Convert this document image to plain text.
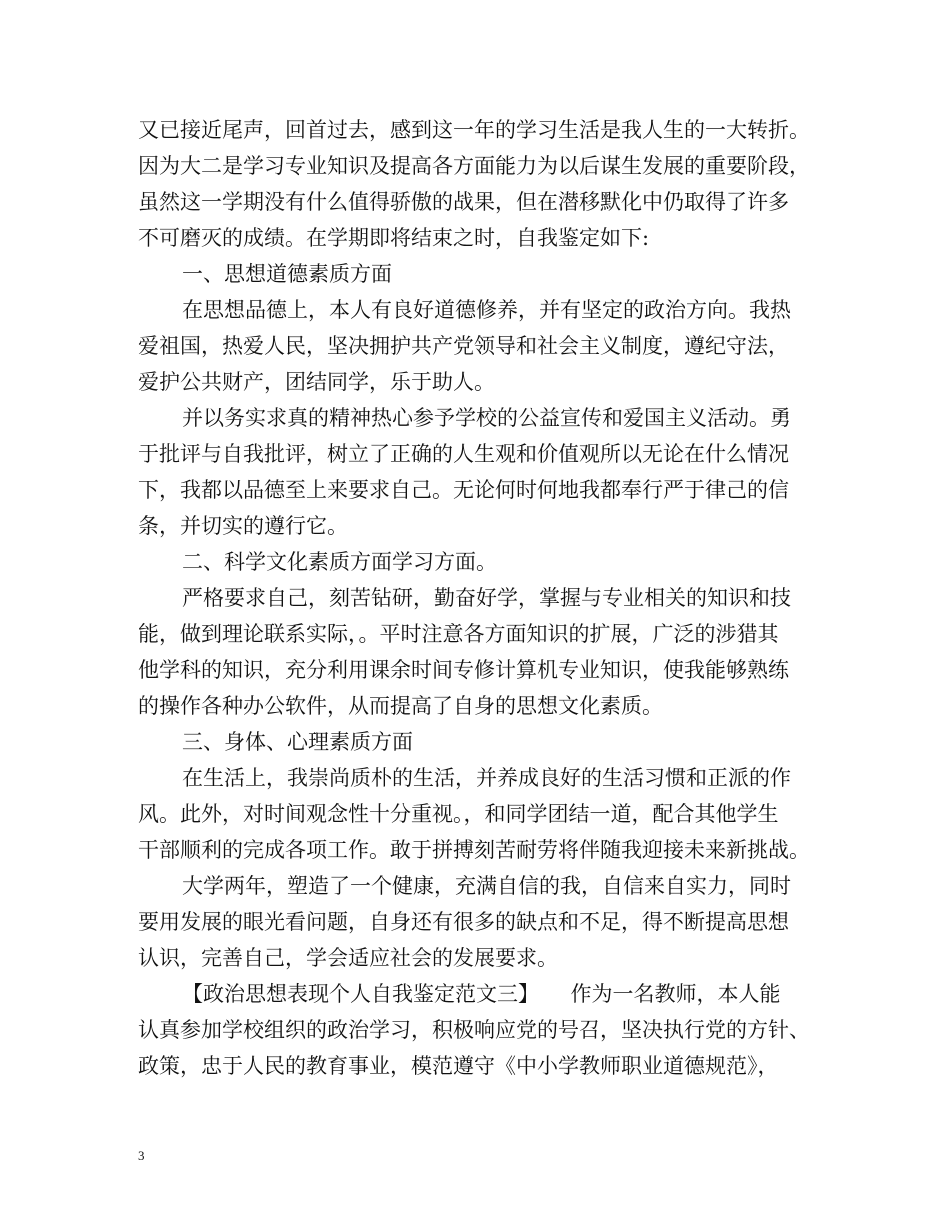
又已接近尾声，回首过去，感到这一年的学习生活是我人生的一大转折。
因为大二是学习专业知识及提高各方面能力为以后谋生发展的重要阶段，
虽然这一学期没有什么值得骄傲的战果，但在潜移默化中仍取得了许多
不可磨灭的成绩。在学期即将结束之时，自我鉴定如下:
一、思想道德素质方面
在思想品德上，本人有良好道德修养，并有坚定的政治方向。我热
爱祖国，热爱人民，坚决拥护共产党领导和社会主义制度，遵纪守法，
爱护公共财产，团结同学，乐于助人。
并以务实求真的精神热心参予学校的公益宣传和爱国主义活动。勇
于批评与自我批评，树立了正确的人生观和价值观所以无论在什么情况
下，我都以品德至上来要求自己。无论何时何地我都奉行严于律己的信
条，并切实的遵行它。
二、科学文化素质方面学习方面。
严格要求自己，刻苦钻研，勤奋好学，掌握与专业相关的知识和技
能，做到理论联系实际，。平时注意各方面知识的扩展，广泛的涉猎其
他学科的知识，充分利用课余时间专修计算机专业知识，使我能够熟练
的操作各种办公软件，从而提高了自身的思想文化素质。
三、身体、心理素质方面
在生活上，我崇尚质朴的生活，并养成良好的生活习惯和正派的作
风。此外，对时间观念性十分重视。，和同学团结一道，配合其他学生
干部顺利的完成各项工作。敢于拼搏刻苦耐劳将伴随我迎接未来新挑战。
大学两年，塑造了一个健康，充满自信的我，自信来自实力，同时
要用发展的眼光看问题，自身还有很多的缺点和不足，得不断提高思想
认识，完善自己，学会适应社会的发展要求。
【政治思想表现个人自我鉴定范文三】　　作为一名教师，本人能
认真参加学校组织的政治学习，积极响应党的号召，坚决执行党的方针、
政策，忠于人民的教育事业，模范遵守《中小学教师职业道德规范》，
3
